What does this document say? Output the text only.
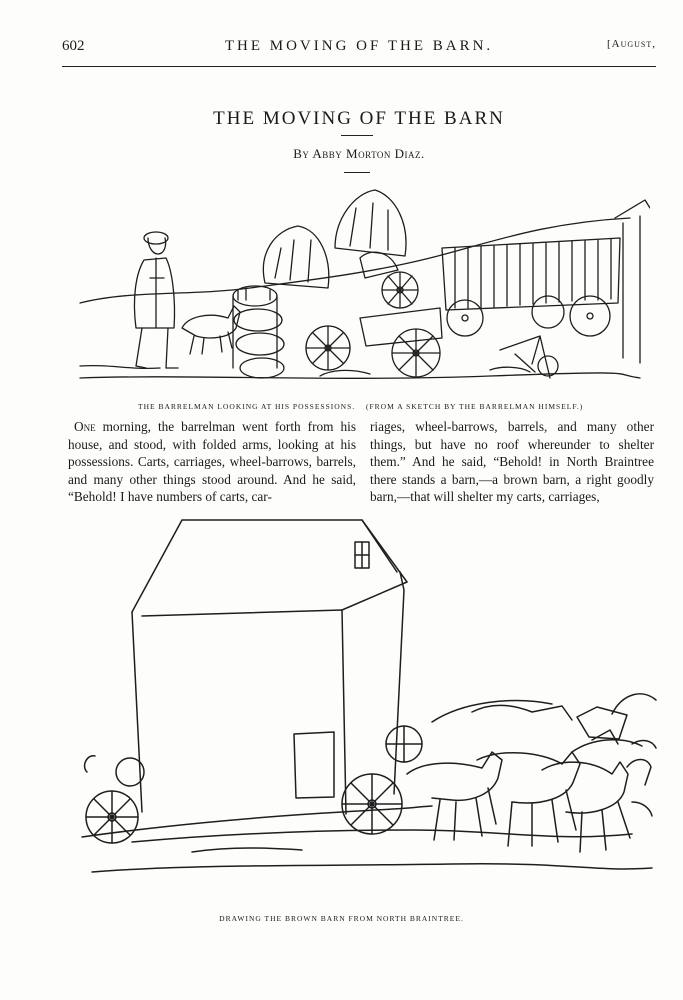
602	THE MOVING OF THE BARN.	[August,
THE MOVING OF THE BARN
By Abby Morton Diaz.
THE BARRELMAN LOOKING AT HIS POSSESSIONS. (FROM A SKETCH BY THE BARRELMAN HIMSELF.)

One morning, the barrelman went forth from his house, and stood, with folded arms, looking at his possessions. Carts, carriages, wheel-barrows, barrels, and many other things stood around. And he said, “Behold! I have numbers of carts, car-

riages, wheel-barrows, barrels, and many other things, but have no roof whereunder to shelter them.” And he said, “Behold! in North Braintree there stands a barn,—a brown barn, a right goodly barn,—that will shelter my carts, carriages,

DRAWING THE BROWN BARN FROM NORTH BRAINTREE.
